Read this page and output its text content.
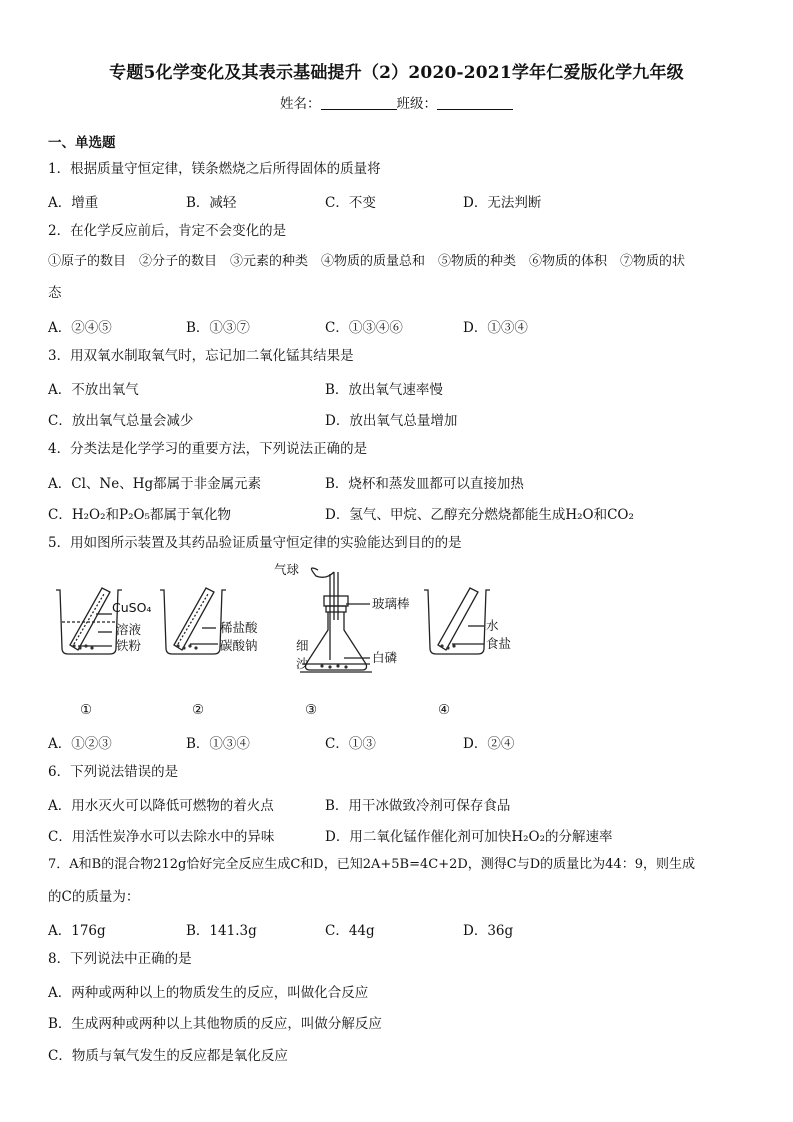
专题5化学变化及其表示基础提升（2）2020-2021学年仁爱版化学九年级
姓名：	班级：
一、单选题
1．根据质量守恒定律，镁条燃烧之后所得固体的质量将
A．增重	B．减轻	C．不变	D．无法判断
2．在化学反应前后，肯定不会变化的是
①原子的数目　②分子的数目　③元素的种类　④物质的质量总和　⑤物质的种类　⑥物质的体积　⑦物质的状
态
A．②④⑤	B．①③⑦	C．①③④⑥	D．①③④
3．用双氧水制取氧气时，忘记加二氧化锰其结果是
A．不放出氧气	B．放出氧气速率慢
C．放出氧气总量会减少	D．放出氧气总量增加
4．分类法是化学学习的重要方法，下列说法正确的是
A．Cl、Ne、Hg都属于非金属元素	B．烧杯和蒸发皿都可以直接加热
C．H₂O₂和P₂O₅都属于氧化物	D．氢气、甲烷、乙醇充分燃烧都能生成H₂O和CO₂
5．用如图所示装置及其药品验证质量守恒定律的实验能达到目的的是
CuSO₄
溶液
铁粉
稀盐酸
碳酸钠
气球
玻璃棒
细
沙	白磷
水
食盐
①	②	③	④
A．①②③	B．①③④	C．①③	D．②④
6．下列说法错误的是
A．用水灭火可以降低可燃物的着火点	B．用干冰做致冷剂可保存食品
C．用活性炭净水可以去除水中的异味	D．用二氧化锰作催化剂可加快H₂O₂的分解速率
7．A和B的混合物212g恰好完全反应生成C和D，已知2A+5B=4C+2D，测得C与D的质量比为44：9，则生成
的C的质量为：
A．176g	B．141.3g	C．44g	D．36g
8．下列说法中正确的是
A．两种或两种以上的物质发生的反应，叫做化合反应
B．生成两种或两种以上其他物质的反应，叫做分解反应
C．物质与氧气发生的反应都是氧化反应
